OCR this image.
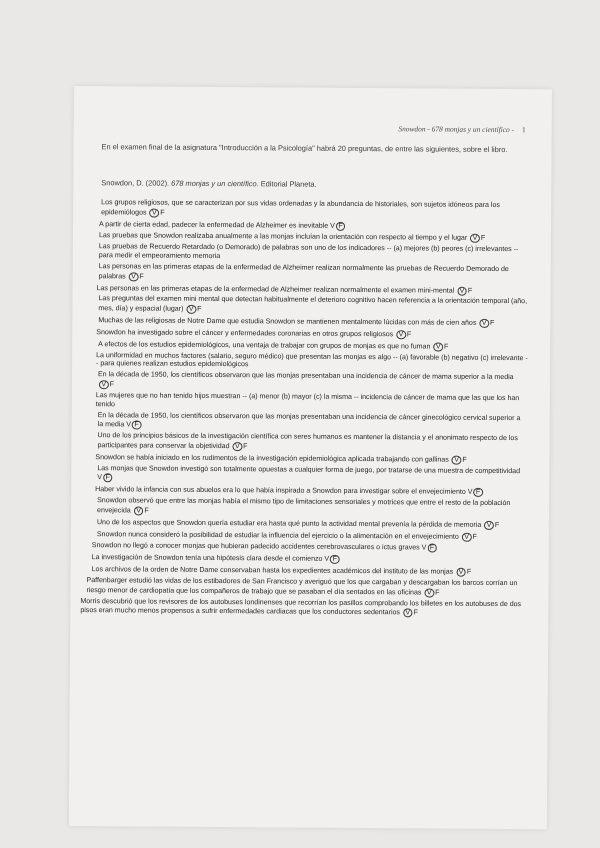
Snowdon - 678 monjas y un científico - 1
En el examen final de la asignatura "Introducción a la Psicología" habrá 20 preguntas, de entre las siguientes, sobre el libro.
Snowdon, D. (2002). 678 monjas y un científico. Editorial Planeta.
Los grupos religiosos, que se caracterizan por sus vidas ordenadas y la abundancia de historiales, son sujetos idóneos para los epidemiólogos V F
A partir de cierta edad, padecer la enfermedad de Alzheimer es inevitable V F
Las pruebas que Snowdon realizaba anualmente a las monjas incluían la orientación con respecto al tiempo y el lugar V F
Las pruebas de Recuerdo Retardado (o Demorado) de palabras son uno de los indicadores -- (a) mejores (b) peores (c) irrelevantes -- para medir el empeoramiento memoria
Las personas en las primeras etapas de la enfermedad de Alzheimer realizan normalmente las pruebas de Recuerdo Demorado de palabras V F
Las personas en las primeras etapas de la enfermedad de Alzheimer realizan normalmente el examen mini-mental V F
Las preguntas del examen mini mental que detectan habitualmente el deterioro cognitivo hacen referencia a la orientación temporal (año, mes, día) y espacial (lugar) V F
Muchas de las religiosas de Notre Dame que estudia Snowdon se mantienen mentalmente lúcidas con más de cien años V F
Snowdon ha investigado sobre el cáncer y enfermedades coronarias en otros grupos religiosos V F
A efectos de los estudios epidemiológicos, una ventaja de trabajar con grupos de monjas es que no fuman V F
La uniformidad en muchos factores (salario, seguro médico) que presentan las monjas es algo -- (a) favorable (b) negativo (c) irrelevante -- para quienes realizan estudios epidemiológicos
En la década de 1950, los científicos observaron que las monjas presentaban una incidencia de cáncer de mama superior a la media V F
Las mujeres que no han tenido hijos muestran -- (a) menor (b) mayor (c) la misma -- incidencia de cáncer de mama que las que los han tenido
En la década de 1950, los científicos observaron que las monjas presentaban una incidencia de cáncer ginecológico cervical superior a la media V F
Uno de los principios básicos de la investigación científica con seres humanos es mantener la distancia y el anonimato respecto de los participantes para conservar la objetividad V F
Snowdon se había iniciado en los rudimentos de la investigación epidemiológica aplicada trabajando con gallinas V F
Las monjas que Snowdon investigó son totalmente opuestas a cualquier forma de juego, por tratarse de una muestra de competitividad V F
Haber vivido la infancia con sus abuelos era lo que había inspirado a Snowdon para investigar sobre el envejecimiento V F
Snowdon observó que entre las monjas había el mismo tipo de limitaciones sensoriales y motrices que entre el resto de la población envejecida V F
Uno de los aspectos que Snowdon quería estudiar era hasta qué punto la actividad mental prevenía la pérdida de memoria V F
Snowdon nunca consideró la posibilidad de estudiar la influencia del ejercicio o la alimentación en el envejecimiento V F
Snowdon no llegó a conocer monjas que hubieran padecido accidentes cerebrovasculares o ictus graves V F
La investigación de Snowdon tenía una hipótesis clara desde el comienzo V F
Los archivos de la orden de Notre Dame conservaban hasta los expedientes académicos del instituto de las monjas V F
Paffenbarger estudió las vidas de los estibadores de San Francisco y averiguó que los que cargaban y descargaban los barcos corrían un riesgo menor de cardiopatía que los compañeros de trabajo que se pasaban el día sentados en las oficinas V F
Morris descubrió que los revisores de los autobuses londinenses que recorrían los pasillos comprobando los billetes en los autobuses de dos pisos eran mucho menos propensos a sufrir enfermedades cardiacas que los conductores sedentarios V F
